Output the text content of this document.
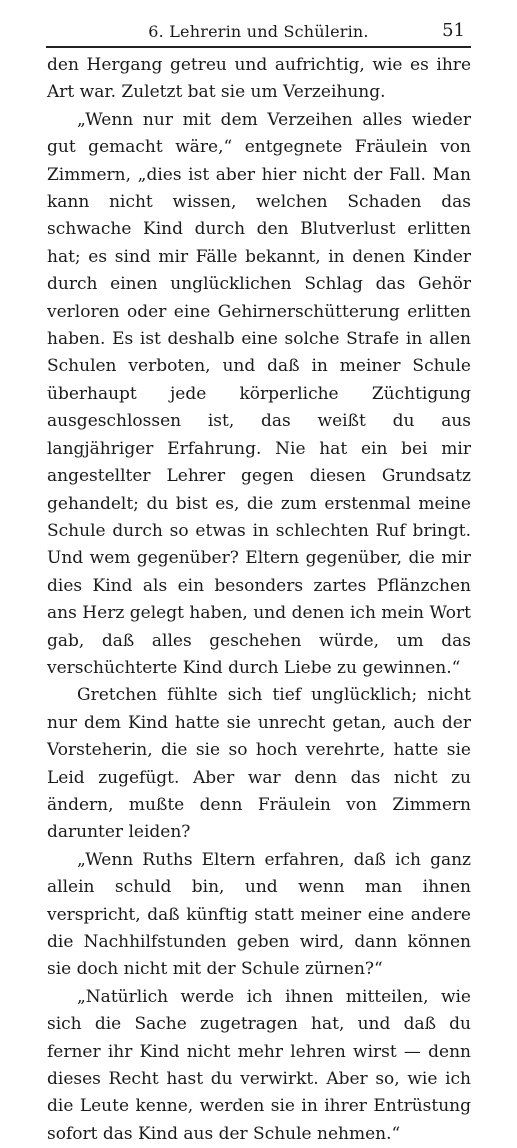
6. Lehrerin und Schülerin.	51

den Hergang getreu und aufrichtig, wie es ihre Art war. Zuletzt bat sie um Verzeihung.

„Wenn nur mit dem Verzeihen alles wieder gut gemacht wäre,“ entgegnete Fräulein von Zimmern, „dies ist aber hier nicht der Fall. Man kann nicht wissen, welchen Schaden das schwache Kind durch den Blutverlust erlitten hat; es sind mir Fälle bekannt, in denen Kinder durch einen unglücklichen Schlag das Gehör verloren oder eine Gehirnerschütterung erlitten haben. Es ist deshalb eine solche Strafe in allen Schulen verboten, und daß in meiner Schule überhaupt jede körperliche Züchtigung ausgeschlossen ist, das weißt du aus langjähriger Erfahrung. Nie hat ein bei mir angestellter Lehrer gegen diesen Grundsatz gehandelt; du bist es, die zum erstenmal meine Schule durch so etwas in schlechten Ruf bringt. Und wem gegenüber? Eltern gegenüber, die mir dies Kind als ein besonders zartes Pflänzchen ans Herz gelegt haben, und denen ich mein Wort gab, daß alles geschehen würde, um das verschüchterte Kind durch Liebe zu gewinnen.“

Gretchen fühlte sich tief unglücklich; nicht nur dem Kind hatte sie unrecht getan, auch der Vorsteherin, die sie so hoch verehrte, hatte sie Leid zugefügt. Aber war denn das nicht zu ändern, mußte denn Fräulein von Zimmern darunter leiden?

„Wenn Ruths Eltern erfahren, daß ich ganz allein schuld bin, und wenn man ihnen verspricht, daß künftig statt meiner eine andere die Nachhilfstunden geben wird, dann können sie doch nicht mit der Schule zürnen?“

„Natürlich werde ich ihnen mitteilen, wie sich die Sache zugetragen hat, und daß du ferner ihr Kind nicht mehr lehren wirst — denn dieses Recht hast du verwirkt. Aber so, wie ich die Leute kenne, werden sie in ihrer Entrüstung sofort das Kind aus der Schule nehmen.“
